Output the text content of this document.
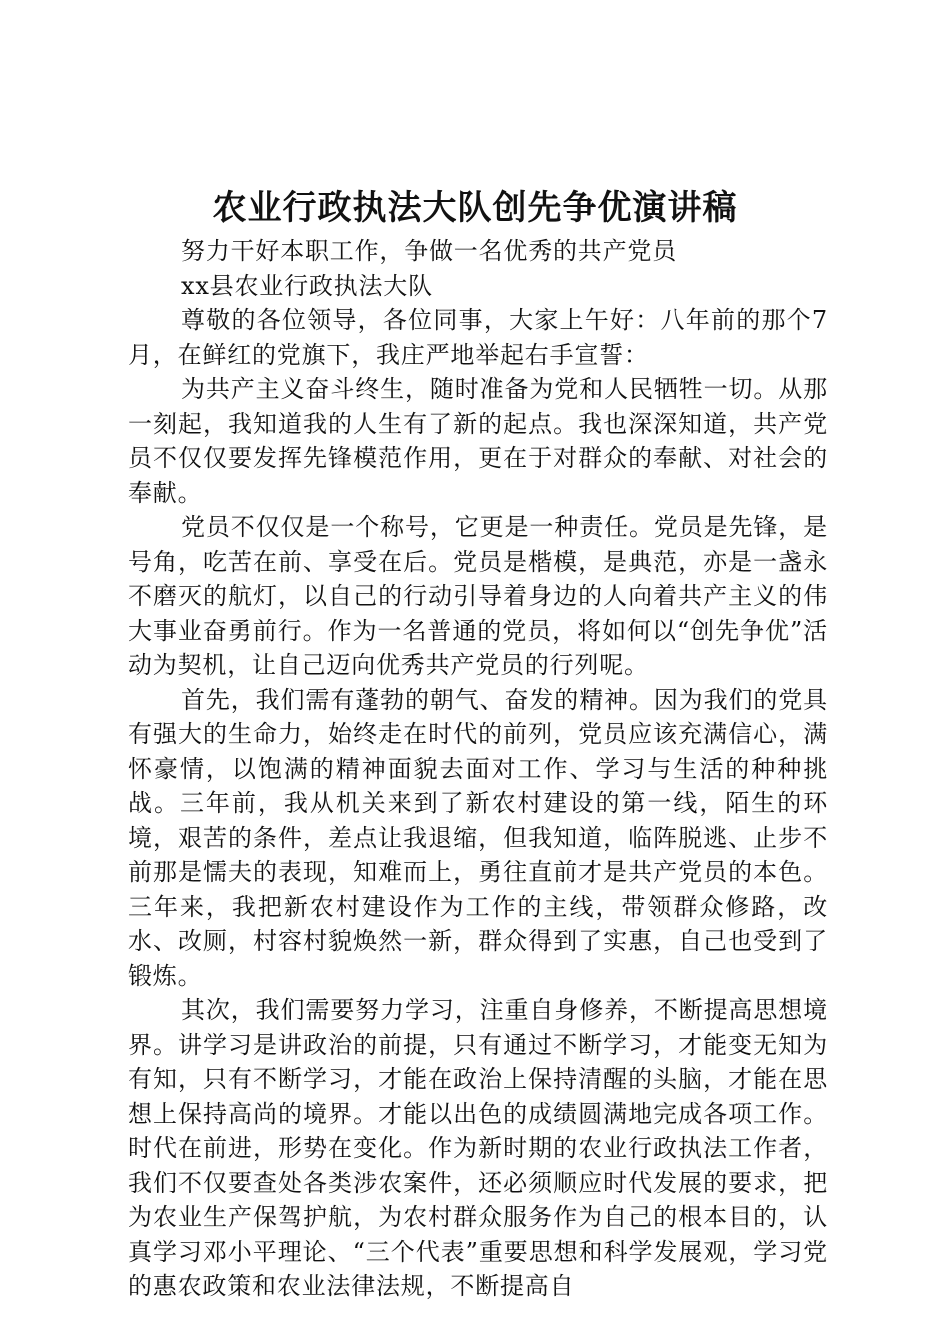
农业行政执法大队创先争优演讲稿

努力干好本职工作，争做一名优秀的共产党员

xx县农业行政执法大队

尊敬的各位领导，各位同事，大家上午好：八年前的那个7月，在鲜红的党旗下，我庄严地举起右手宣誓：

为共产主义奋斗终生，随时准备为党和人民牺牲一切。从那一刻起，我知道我的人生有了新的起点。我也深深知道，共产党员不仅仅要发挥先锋模范作用，更在于对群众的奉献、对社会的奉献。

党员不仅仅是一个称号，它更是一种责任。党员是先锋，是号角，吃苦在前、享受在后。党员是楷模，是典范，亦是一盏永不磨灭的航灯，以自己的行动引导着身边的人向着共产主义的伟大事业奋勇前行。作为一名普通的党员，将如何以“创先争优”活动为契机，让自己迈向优秀共产党员的行列呢。

首先，我们需有蓬勃的朝气、奋发的精神。因为我们的党具有强大的生命力，始终走在时代的前列，党员应该充满信心，满怀豪情，以饱满的精神面貌去面对工作、学习与生活的种种挑战。三年前，我从机关来到了新农村建设的第一线，陌生的环境，艰苦的条件，差点让我退缩，但我知道，临阵脱逃、止步不前那是懦夫的表现，知难而上，勇往直前才是共产党员的本色。三年来，我把新农村建设作为工作的主线，带领群众修路，改水、改厕，村容村貌焕然一新，群众得到了实惠，自己也受到了锻炼。

其次，我们需要努力学习，注重自身修养，不断提高思想境界。讲学习是讲政治的前提，只有通过不断学习，才能变无知为有知，只有不断学习，才能在政治上保持清醒的头脑，才能在思想上保持高尚的境界。才能以出色的成绩圆满地完成各项工作。时代在前进，形势在变化。作为新时期的农业行政执法工作者，我们不仅要查处各类涉农案件，还必须顺应时代发展的要求，把为农业生产保驾护航，为农村群众服务作为自己的根本目的，认真学习邓小平理论、“三个代表”重要思想和科学发展观，学习党的惠农政策和农业法律法规，不断提高自
